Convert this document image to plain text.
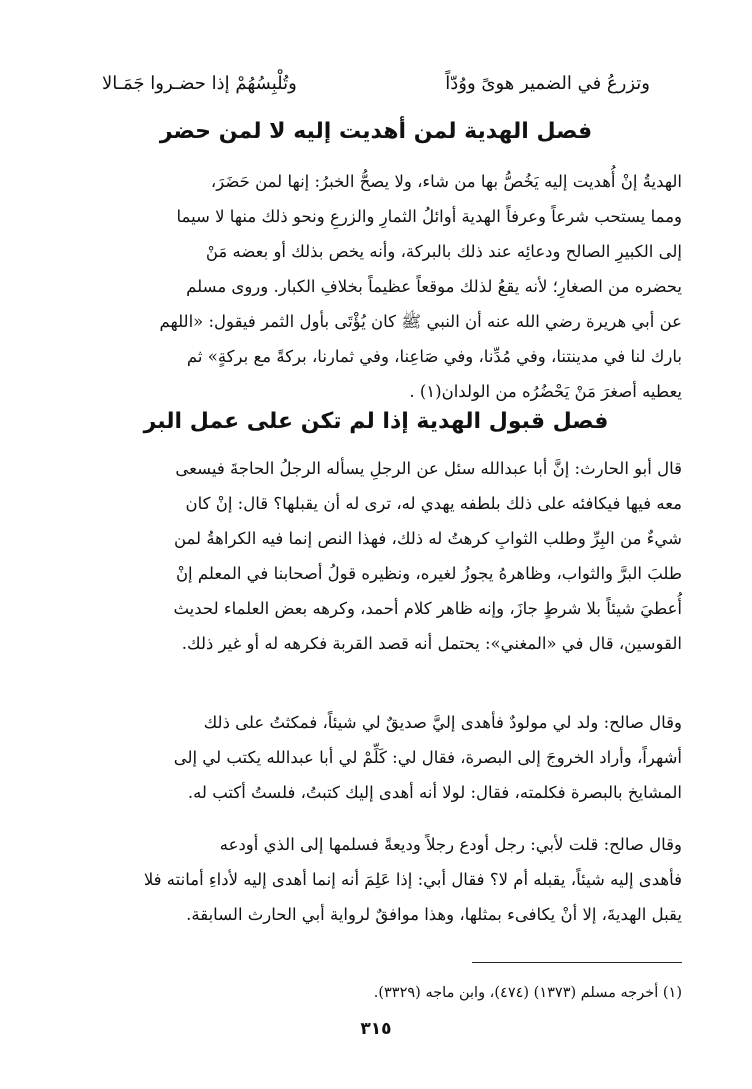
وتزرعُ في الضمير هوىً ووُدّاً
وتُلْبِسُهُمْ إذا حضـروا جَمَـالا
فصل الهدية لمن أهديت إليه لا لمن حضر

الهديةُ إنْ أُهديت إليه يَخُصُّ بها من شاء، ولا يصحُّ الخبرُ: إنها لمن حَضَرَ،
ومما يستحب شرعاً وعرفاً الهدية أوائلُ الثمارِ والزرعِ ونحو ذلك منها لا سيما
إلى الكبيرِ الصالح ودعائِه عند ذلك بالبركة، وأنه يخص بذلك أو بعضه مَنْ
يحضره من الصغارِ؛ لأنه يقعُ لذلك موقعاً عظيماً بخلافِ الكبار. وروى مسلم
عن أبي هريرة رضي الله عنه أن النبي ﷺ كان يُؤْتَى بأول الثمر فيقول: «اللهم
بارك لنا في مدينتنا، وفي مُدِّنا، وفي صَاعِنا، وفي ثمارنا، بركةً مع بركةٍ» ثم
يعطيه أصغرَ مَنْ يَحْضُرُه من الولدان(١) .

فصل قبول الهدية إذا لم تكن على عمل البر

قال أبو الحارث: إنَّ أبا عبدالله سئل عن الرجلِ يسأله الرجلُ الحاجةَ فيسعى
معه فيها فيكافئه على ذلك بلطفه يهدي له، ترى له أن يقبلها؟ قال: إنْ كان
شيءٌ من البِرِّ وطلب الثوابِ كرهتُ له ذلك، فهذا النص إنما فيه الكراهةُ لمن
طلبَ البرَّ والثواب، وظاهرهُ يجوزُ لغيره، ونظيره قولُ أصحابنا في المعلم إنْ
أُعطيَ شيئاً بلا شرطٍ جازَ، وإنه ظاهر كلام أحمد، وكرهه بعض العلماء لحديث
القوسين، قال في «المغني»: يحتمل أنه قصد القربة فكرهه له أو غير ذلك.

وقال صالح: ولد لي مولودٌ فأهدى إليَّ صديقٌ لي شيئاً، فمكثتُ على ذلك
أشهراً، وأراد الخروجَ إلى البصرة، فقال لي: كَلِّمْ لي أبا عبدالله يكتب لي إلى
المشايخ بالبصرة فكلمته، فقال: لولا أنه أهدى إليك كتبتُ، فلستُ أكتب له.

وقال صالح: قلت لأبي: رجل أودع رجلاً وديعةً فسلمها إلى الذي أودعه
فأهدى إليه شيئاً، يقبله أم لا؟ فقال أبي: إذا عَلِمَ أنه إنما أهدى إليه لأداءِ أمانته فلا
يقبل الهديةَ، إلا أنْ يكافىء بمثلها، وهذا موافقٌ لرواية أبي الحارث السابقة.

(١) أخرجه مسلم (١٣٧٣) (٤٧٤)، وابن ماجه (٣٣٢٩).

٣١٥
